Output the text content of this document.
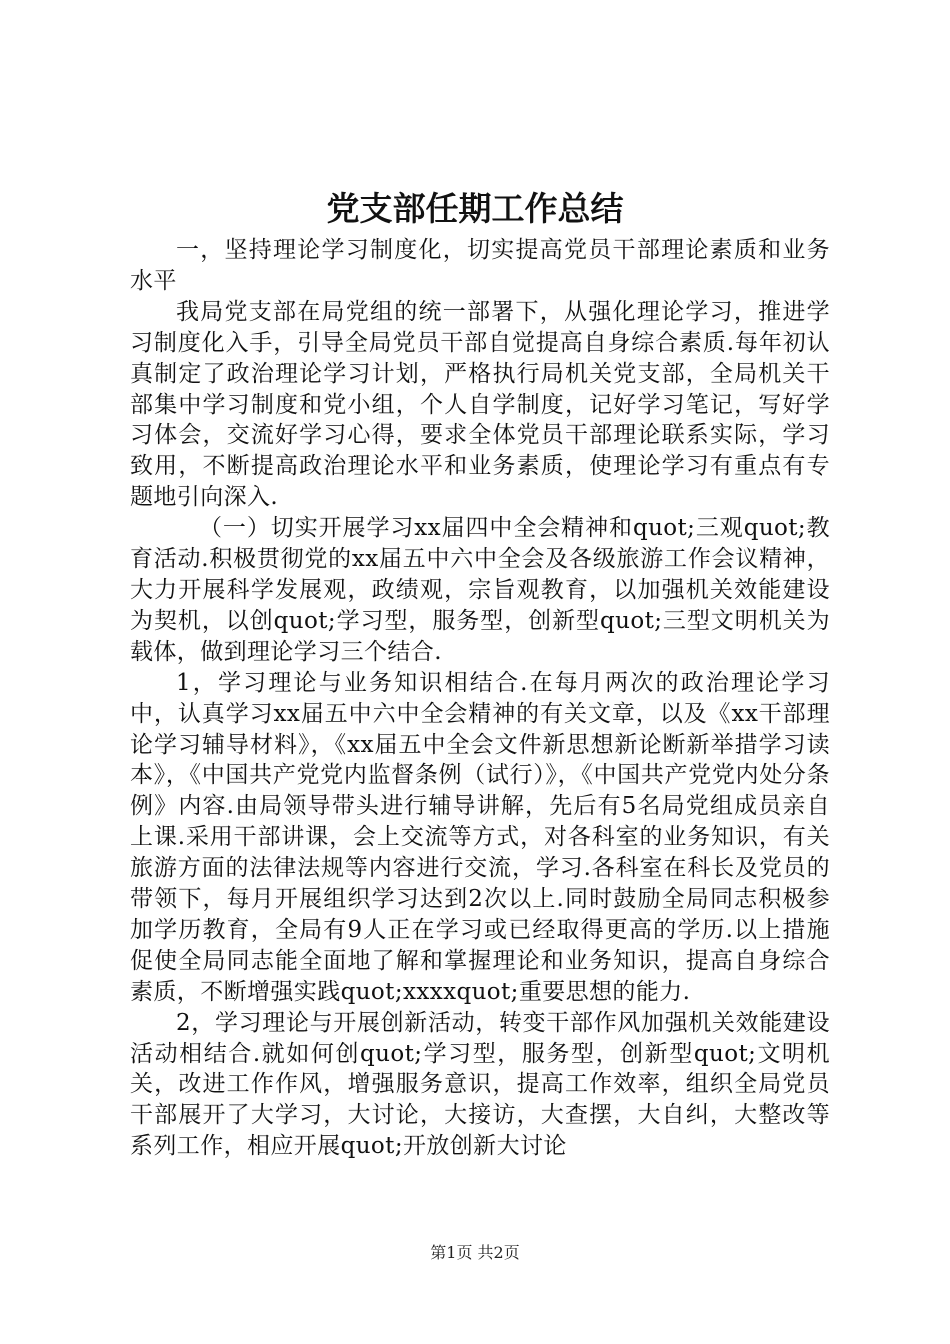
党支部任期工作总结

一，坚持理论学习制度化，切实提高党员干部理论素质和业务水平

我局党支部在局党组的统一部署下，从强化理论学习，推进学习制度化入手，引导全局党员干部自觉提高自身综合素质.每年初认真制定了政治理论学习计划，严格执行局机关党支部，全局机关干部集中学习制度和党小组，个人自学制度，记好学习笔记，写好学习体会，交流好学习心得，要求全体党员干部理论联系实际，学习致用，不断提高政治理论水平和业务素质，使理论学习有重点有专题地引向深入.

（一）切实开展学习xx届四中全会精神和quot;三观quot;教育活动.积极贯彻党的xx届五中六中全会及各级旅游工作会议精神，大力开展科学发展观，政绩观，宗旨观教育，以加强机关效能建设为契机，以创quot;学习型，服务型，创新型quot;三型文明机关为载体，做到理论学习三个结合.

1，学习理论与业务知识相结合.在每月两次的政治理论学习中，认真学习xx届五中六中全会精神的有关文章，以及《xx干部理论学习辅导材料》，《xx届五中全会文件新思想新论断新举措学习读本》，《中国共产党党内监督条例（试行）》，《中国共产党党内处分条例》内容.由局领导带头进行辅导讲解，先后有5名局党组成员亲自上课.采用干部讲课，会上交流等方式，对各科室的业务知识，有关旅游方面的法律法规等内容进行交流，学习.各科室在科长及党员的带领下，每月开展组织学习达到2次以上.同时鼓励全局同志积极参加学历教育，全局有9人正在学习或已经取得更高的学历.以上措施促使全局同志能全面地了解和掌握理论和业务知识，提高自身综合素质，不断增强实践quot;xxxxquot;重要思想的能力.

2，学习理论与开展创新活动，转变干部作风加强机关效能建设活动相结合.就如何创quot;学习型，服务型，创新型quot;文明机关，改进工作作风，增强服务意识，提高工作效率，组织全局党员干部展开了大学习，大讨论，大接访，大查摆，大自纠，大整改等系列工作，相应开展quot;开放创新大讨论

第1页 共2页
